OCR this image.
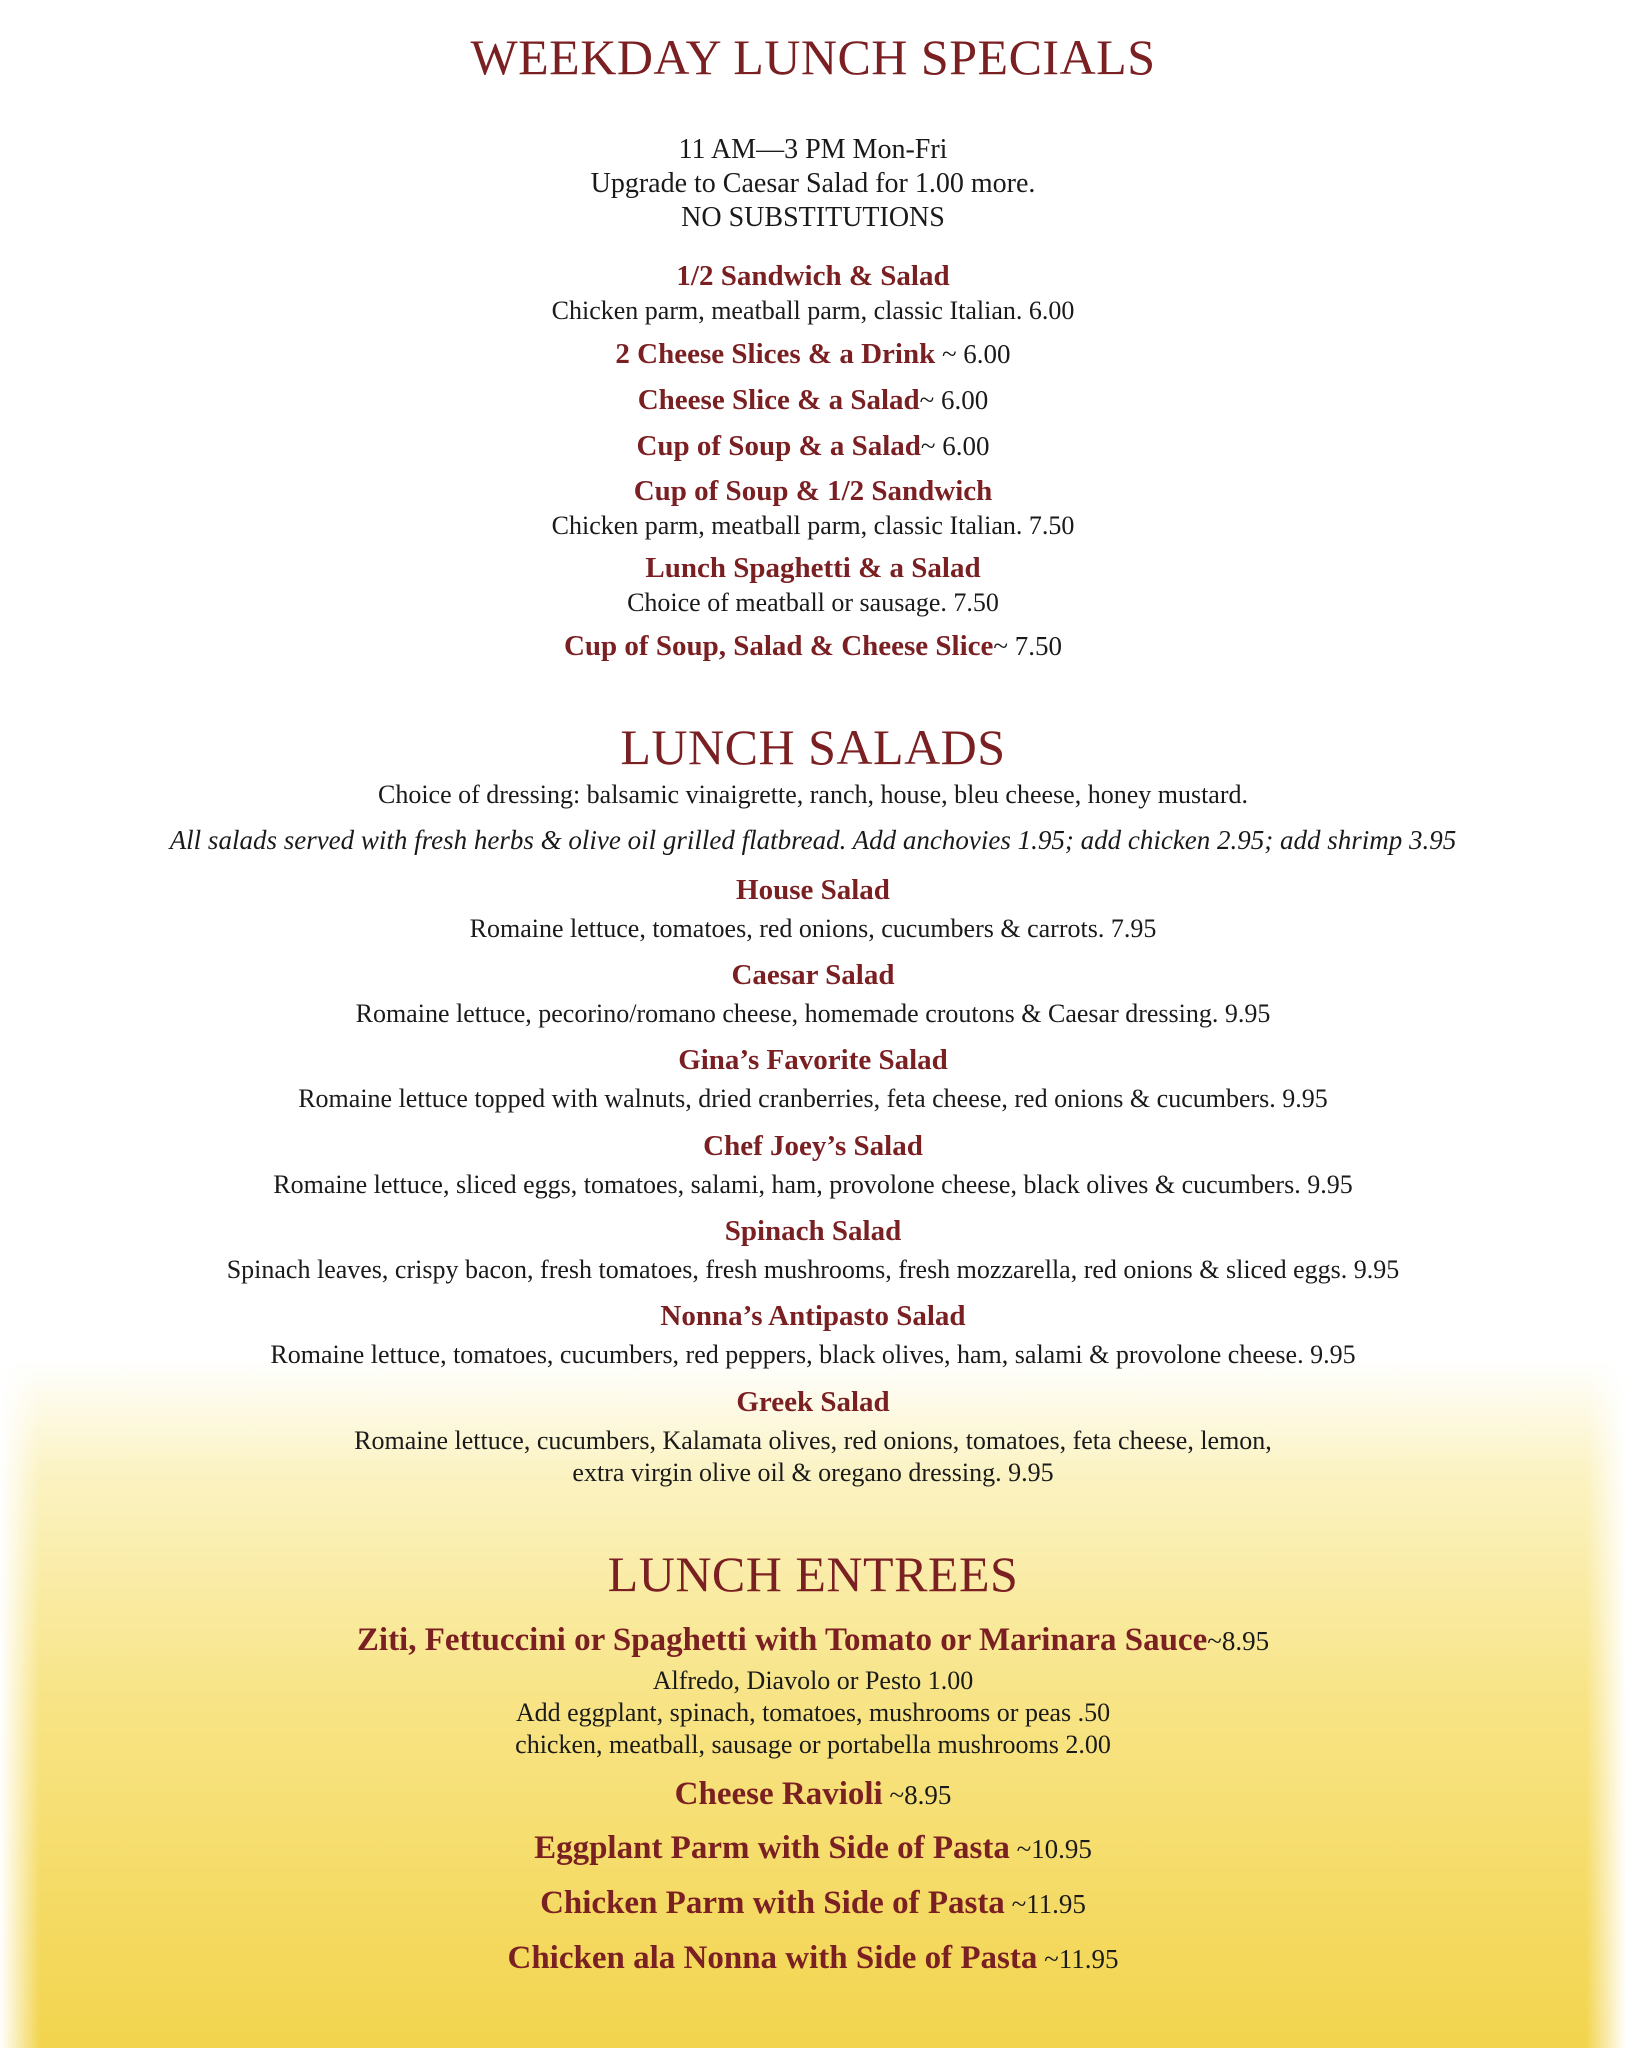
WEEKDAY LUNCH SPECIALS
11 AM—3 PM Mon-Fri
Upgrade to Caesar Salad for 1.00 more.
NO SUBSTITUTIONS
1/2 Sandwich & Salad
Chicken parm, meatball parm, classic Italian. 6.00
2 Cheese Slices & a Drink ~ 6.00
Cheese Slice & a Salad~ 6.00
Cup of Soup & a Salad~ 6.00
Cup of Soup & 1/2 Sandwich
Chicken parm, meatball parm, classic Italian. 7.50
Lunch Spaghetti & a Salad
Choice of meatball or sausage. 7.50
Cup of Soup, Salad & Cheese Slice~ 7.50
LUNCH SALADS
Choice of dressing: balsamic vinaigrette, ranch, house, bleu cheese, honey mustard.
All salads served with fresh herbs & olive oil grilled flatbread. Add anchovies 1.95; add chicken 2.95; add shrimp 3.95
House Salad
Romaine lettuce, tomatoes, red onions, cucumbers & carrots. 7.95
Caesar Salad
Romaine lettuce, pecorino/romano cheese, homemade croutons & Caesar dressing. 9.95
Gina’s Favorite Salad
Romaine lettuce topped with walnuts, dried cranberries, feta cheese, red onions & cucumbers. 9.95
Chef Joey’s Salad
Romaine lettuce, sliced eggs, tomatoes, salami, ham, provolone cheese, black olives & cucumbers. 9.95
Spinach Salad
Spinach leaves, crispy bacon, fresh tomatoes, fresh mushrooms, fresh mozzarella, red onions & sliced eggs. 9.95
Nonna’s Antipasto Salad
Romaine lettuce, tomatoes, cucumbers, red peppers, black olives, ham, salami & provolone cheese. 9.95
Greek Salad
Romaine lettuce, cucumbers, Kalamata olives, red onions, tomatoes, feta cheese, lemon,
extra virgin olive oil & oregano dressing. 9.95
LUNCH ENTREES
Ziti, Fettuccini or Spaghetti with Tomato or Marinara Sauce~8.95
Alfredo, Diavolo or Pesto 1.00
Add eggplant, spinach, tomatoes, mushrooms or peas .50
chicken, meatball, sausage or portabella mushrooms 2.00
Cheese Ravioli ~8.95
Eggplant Parm with Side of Pasta ~10.95
Chicken Parm with Side of Pasta ~11.95
Chicken ala Nonna with Side of Pasta ~11.95
